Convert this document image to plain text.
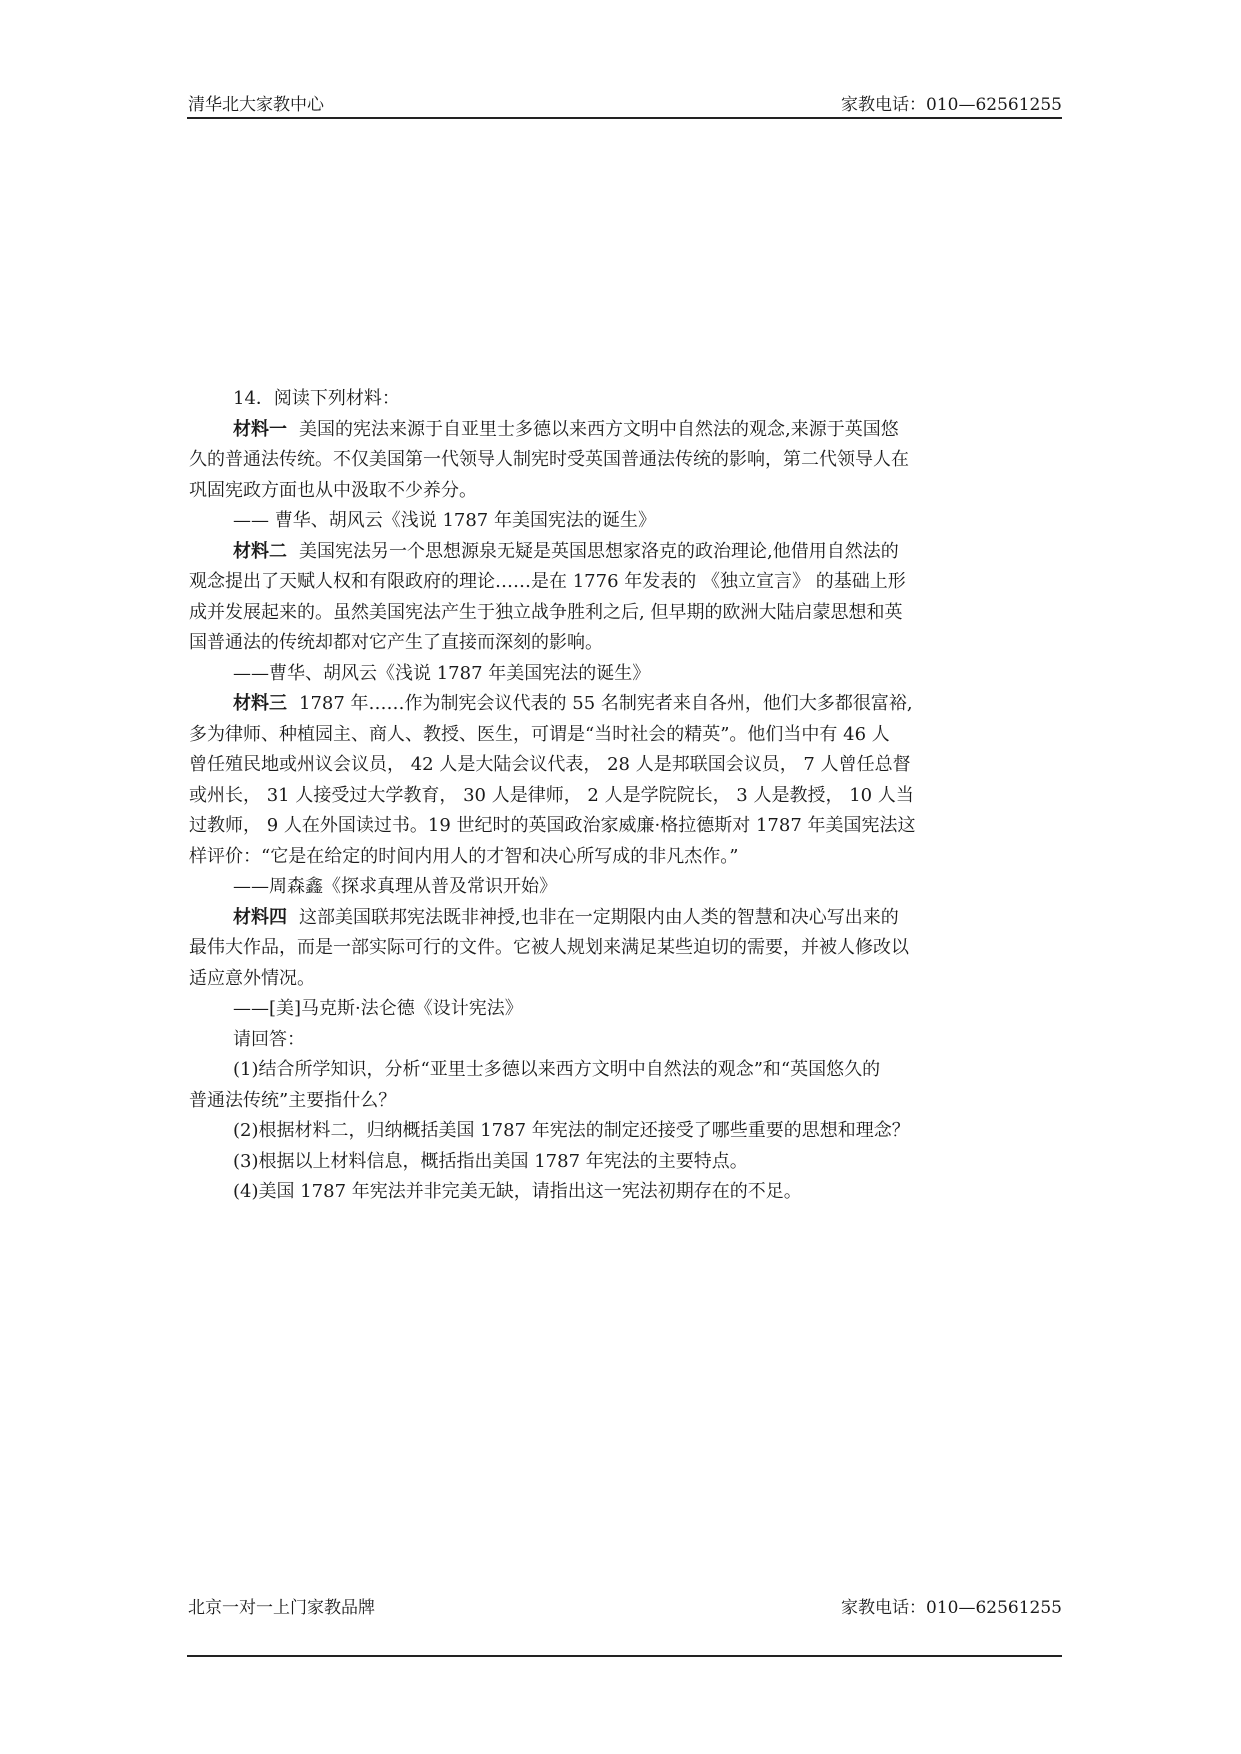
清华北大家教中心	家教电话：010—62561255
14．阅读下列材料：
材料一 美国的宪法来源于自亚里士多德以来西方文明中自然法的观念,来源于英国悠
久的普通法传统。不仅美国第一代领导人制宪时受英国普通法传统的影响，第二代领导人在
巩固宪政方面也从中汲取不少养分。
—— 曹华、胡风云《浅说 1787 年美国宪法的诞生》
材料二 美国宪法另一个思想源泉无疑是英国思想家洛克的政治理论,他借用自然法的
观念提出了天赋人权和有限政府的理论……是在 1776 年发表的 《独立宣言》 的基础上形
成并发展起来的。虽然美国宪法产生于独立战争胜利之后, 但早期的欧洲大陆启蒙思想和英
国普通法的传统却都对它产生了直接而深刻的影响。
——曹华、胡风云《浅说 1787 年美国宪法的诞生》
材料三 1787 年……作为制宪会议代表的 55 名制宪者来自各州，他们大多都很富裕,
多为律师、种植园主、商人、教授、医生，可谓是“当时社会的精英”。他们当中有 46 人
曾任殖民地或州议会议员， 42 人是大陆会议代表， 28 人是邦联国会议员， 7 人曾任总督
或州长， 31 人接受过大学教育， 30 人是律师， 2 人是学院院长， 3 人是教授， 10 人当
过教师， 9 人在外国读过书。19 世纪时的英国政治家威廉·格拉德斯对 1787 年美国宪法这
样评价：“它是在给定的时间内用人的才智和决心所写成的非凡杰作。”
——周森鑫《探求真理从普及常识开始》
材料四 这部美国联邦宪法既非神授,也非在一定期限内由人类的智慧和决心写出来的
最伟大作品，而是一部实际可行的文件。它被人规划来满足某些迫切的需要，并被人修改以
适应意外情况。
——[美]马克斯·法仑德《设计宪法》
请回答：
(1)结合所学知识，分析“亚里士多德以来西方文明中自然法的观念”和“英国悠久的
普通法传统”主要指什么？
(2)根据材料二，归纳概括美国 1787 年宪法的制定还接受了哪些重要的思想和理念？
(3)根据以上材料信息，概括指出美国 1787 年宪法的主要特点。
(4)美国 1787 年宪法并非完美无缺，请指出这一宪法初期存在的不足。
北京一对一上门家教品牌	家教电话：010—62561255
